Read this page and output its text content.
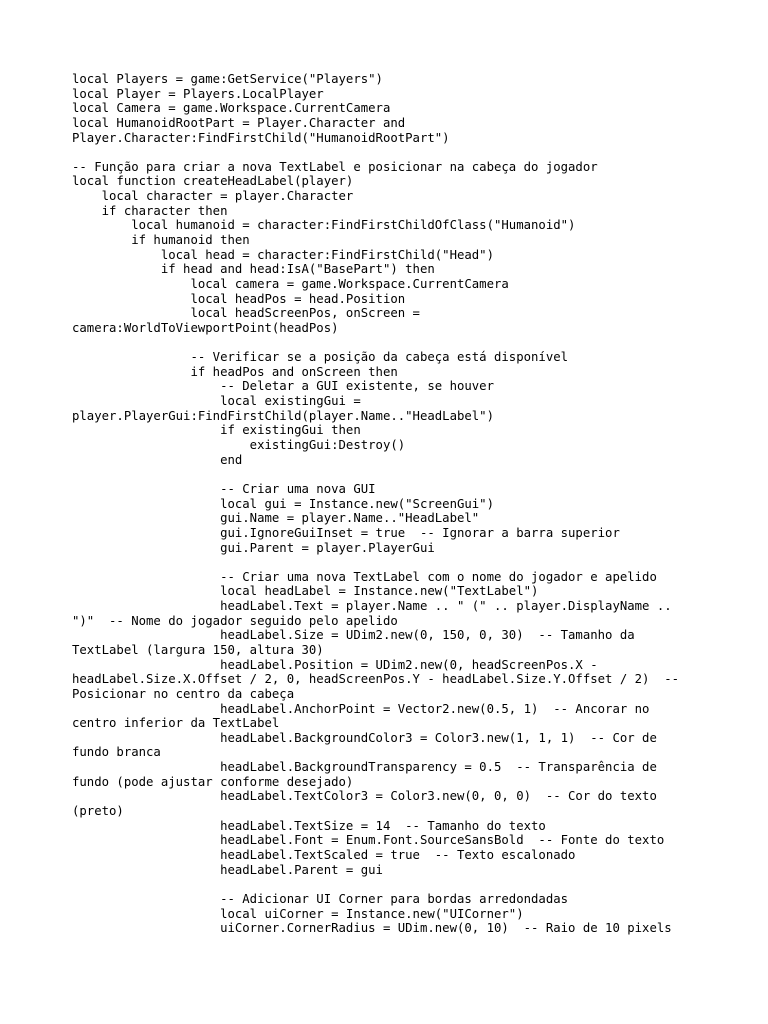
local Players = game:GetService("Players")
local Player = Players.LocalPlayer
local Camera = game.Workspace.CurrentCamera
local HumanoidRootPart = Player.Character and
Player.Character:FindFirstChild("HumanoidRootPart")
-- Função para criar a nova TextLabel e posicionar na cabeça do jogador
local function createHeadLabel(player)
local character = player.Character
if character then
local humanoid = character:FindFirstChildOfClass("Humanoid")
if humanoid then
local head = character:FindFirstChild("Head")
if head and head:IsA("BasePart") then
local camera = game.Workspace.CurrentCamera
local headPos = head.Position
local headScreenPos, onScreen =
camera:WorldToViewportPoint(headPos)
-- Verificar se a posição da cabeça está disponível
if headPos and onScreen then
-- Deletar a GUI existente, se houver
local existingGui =
player.PlayerGui:FindFirstChild(player.Name.."HeadLabel")
if existingGui then
existingGui:Destroy()
end
-- Criar uma nova GUI
local gui = Instance.new("ScreenGui")
gui.Name = player.Name.."HeadLabel"
gui.IgnoreGuiInset = true  -- Ignorar a barra superior
gui.Parent = player.PlayerGui
-- Criar uma nova TextLabel com o nome do jogador e apelido
local headLabel = Instance.new("TextLabel")
headLabel.Text = player.Name .. " (" .. player.DisplayName ..
")"  -- Nome do jogador seguido pelo apelido
headLabel.Size = UDim2.new(0, 150, 0, 30)  -- Tamanho da
TextLabel (largura 150, altura 30)
headLabel.Position = UDim2.new(0, headScreenPos.X -
headLabel.Size.X.Offset / 2, 0, headScreenPos.Y - headLabel.Size.Y.Offset / 2)  --
Posicionar no centro da cabeça
headLabel.AnchorPoint = Vector2.new(0.5, 1)  -- Ancorar no
centro inferior da TextLabel
headLabel.BackgroundColor3 = Color3.new(1, 1, 1)  -- Cor de
fundo branca
headLabel.BackgroundTransparency = 0.5  -- Transparência de
fundo (pode ajustar conforme desejado)
headLabel.TextColor3 = Color3.new(0, 0, 0)  -- Cor do texto
(preto)
headLabel.TextSize = 14  -- Tamanho do texto
headLabel.Font = Enum.Font.SourceSansBold  -- Fonte do texto
headLabel.TextScaled = true  -- Texto escalonado
headLabel.Parent = gui
-- Adicionar UI Corner para bordas arredondadas
local uiCorner = Instance.new("UICorner")
uiCorner.CornerRadius = UDim.new(0, 10)  -- Raio de 10 pixels
